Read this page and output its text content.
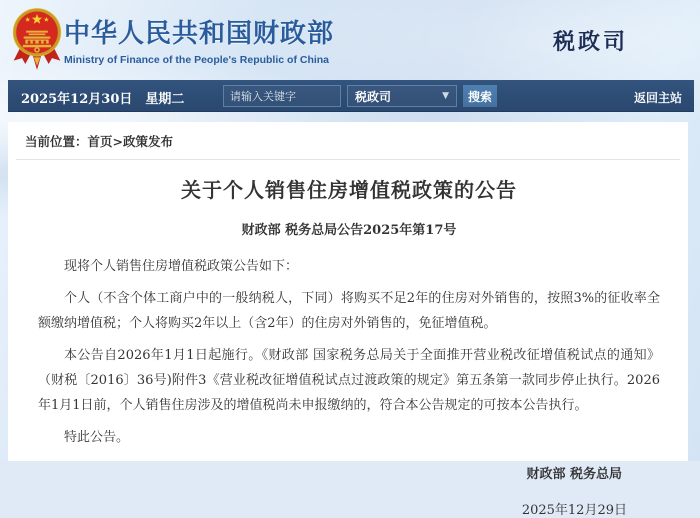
中华人民共和国财政部
Ministry of Finance of the People's Republic of China
税政司
2025年12月30日　星期二
请输入关键字	税政司	▼	搜索	返回主站
当前位置：首页>政策发布
关于个人销售住房增值税政策的公告
财政部 税务总局公告2025年第17号

现将个人销售住房增值税政策公告如下：

个人（不含个体工商户中的一般纳税人，下同）将购买不足2年的住房对外销售的，按照3%的征收率全额缴纳增值税；个人将购买2年以上（含2年）的住房对外销售的，免征增值税。

本公告自2026年1月1日起施行。《财政部 国家税务总局关于全面推开营业税改征增值税试点的通知》（财税〔2016〕36号)附件3《营业税改征增值税试点过渡政策的规定》第五条第一款同步停止执行。2026年1月1日前，个人销售住房涉及的增值税尚未申报缴纳的，符合本公告规定的可按本公告执行。

特此公告。

财政部 税务总局
2025年12月29日
